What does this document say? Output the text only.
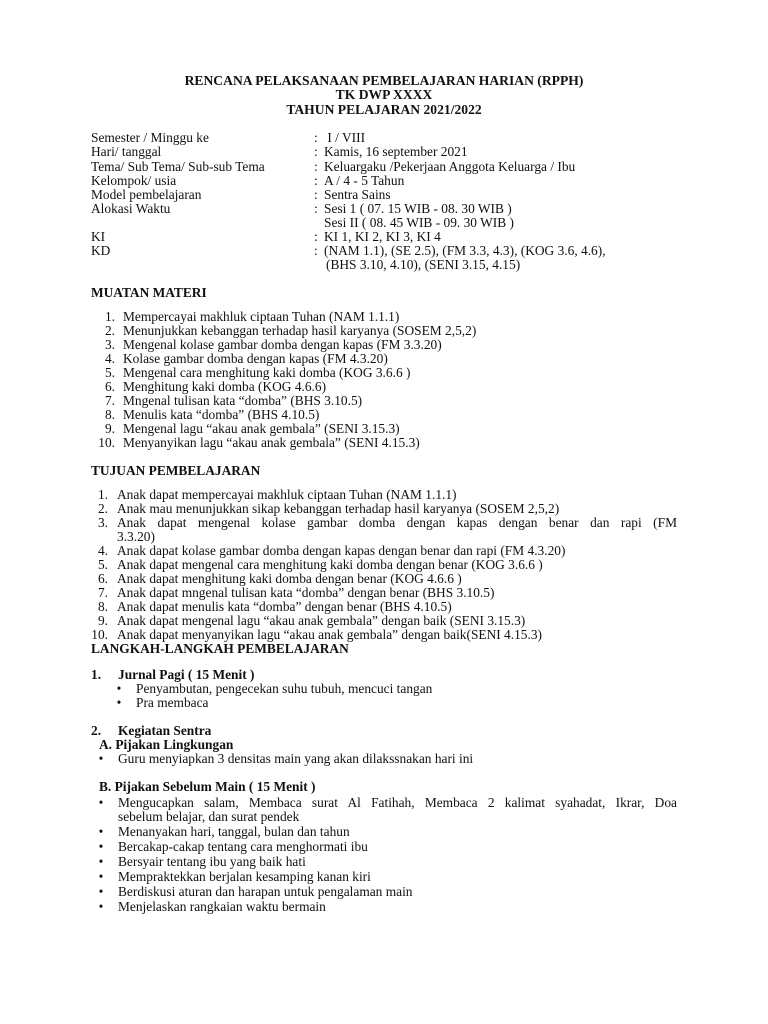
RENCANA PELAKSANAAN PEMBELAJARAN HARIAN (RPPH)
TK DWP XXXX
TAHUN PELAJARAN 2021/2022
Semester / Minggu ke	: I / VIII
Hari/ tanggal	: Kamis, 16 september 2021
Tema/ Sub Tema/ Sub-sub Tema	: Keluargaku /Pekerjaan Anggota Keluarga / Ibu
Kelompok/ usia	: A / 4 - 5 Tahun
Model pembelajaran	: Sentra Sains
Alokasi Waktu	: Sesi 1 ( 07. 15 WIB - 08. 30 WIB )
Sesi II ( 08. 45 WIB - 09. 30 WIB )
KI	: KI 1, KI 2, KI 3, KI 4
KD	: (NAM 1.1), (SE 2.5), (FM 3.3, 4.3), (KOG 3.6, 4.6),
(BHS 3.10, 4.10), (SENI 3.15, 4.15)
MUATAN MATERI
1. Mempercayai makhluk ciptaan Tuhan (NAM 1.1.1)
2. Menunjukkan kebanggan terhadap hasil karyanya (SOSEM 2,5,2)
3. Mengenal kolase gambar domba dengan kapas (FM 3.3.20)
4. Kolase gambar domba dengan kapas (FM 4.3.20)
5. Mengenal cara menghitung kaki domba (KOG 3.6.6 )
6. Menghitung kaki domba (KOG 4.6.6)
7. Mngenal tulisan kata “domba” (BHS 3.10.5)
8. Menulis kata “domba” (BHS 4.10.5)
9. Mengenal lagu “akau anak gembala” (SENI 3.15.3)
10. Menyanyikan lagu “akau anak gembala” (SENI 4.15.3)
TUJUAN PEMBELAJARAN
1. Anak dapat mempercayai makhluk ciptaan Tuhan (NAM 1.1.1)
2. Anak mau menunjukkan sikap kebanggan terhadap hasil karyanya (SOSEM 2,5,2)
3. Anak dapat mengenal kolase gambar domba dengan kapas dengan benar dan rapi (FM
3.3.20)
4. Anak dapat kolase gambar domba dengan kapas dengan benar dan rapi (FM 4.3.20)
5. Anak dapat mengenal cara menghitung kaki domba dengan benar (KOG 3.6.6 )
6. Anak dapat menghitung kaki domba dengan benar (KOG 4.6.6 )
7. Anak dapat mngenal tulisan kata “domba” dengan benar (BHS 3.10.5)
8. Anak dapat menulis kata “domba” dengan benar (BHS 4.10.5)
9. Anak dapat mengenal lagu “akau anak gembala” dengan baik (SENI 3.15.3)
10. Anak dapat menyanyikan lagu “akau anak gembala” dengan baik(SENI 4.15.3)
LANGKAH-LANGKAH PEMBELAJARAN
1. Jurnal Pagi ( 15 Menit )
• Penyambutan, pengecekan suhu tubuh, mencuci tangan
• Pra membaca
2. Kegiatan Sentra
A. Pijakan Lingkungan
• Guru menyiapkan 3 densitas main yang akan dilakssnakan hari ini
B. Pijakan Sebelum Main ( 15 Menit )
• Mengucapkan salam, Membaca surat Al Fatihah, Membaca 2 kalimat syahadat, Ikrar, Doa
sebelum belajar, dan surat pendek
• Menanyakan hari, tanggal, bulan dan tahun
• Bercakap-cakap tentang cara menghormati ibu
• Bersyair tentang ibu yang baik hati
• Mempraktekkan berjalan kesamping kanan kiri
• Berdiskusi aturan dan harapan untuk pengalaman main
• Menjelaskan rangkaian waktu bermain
